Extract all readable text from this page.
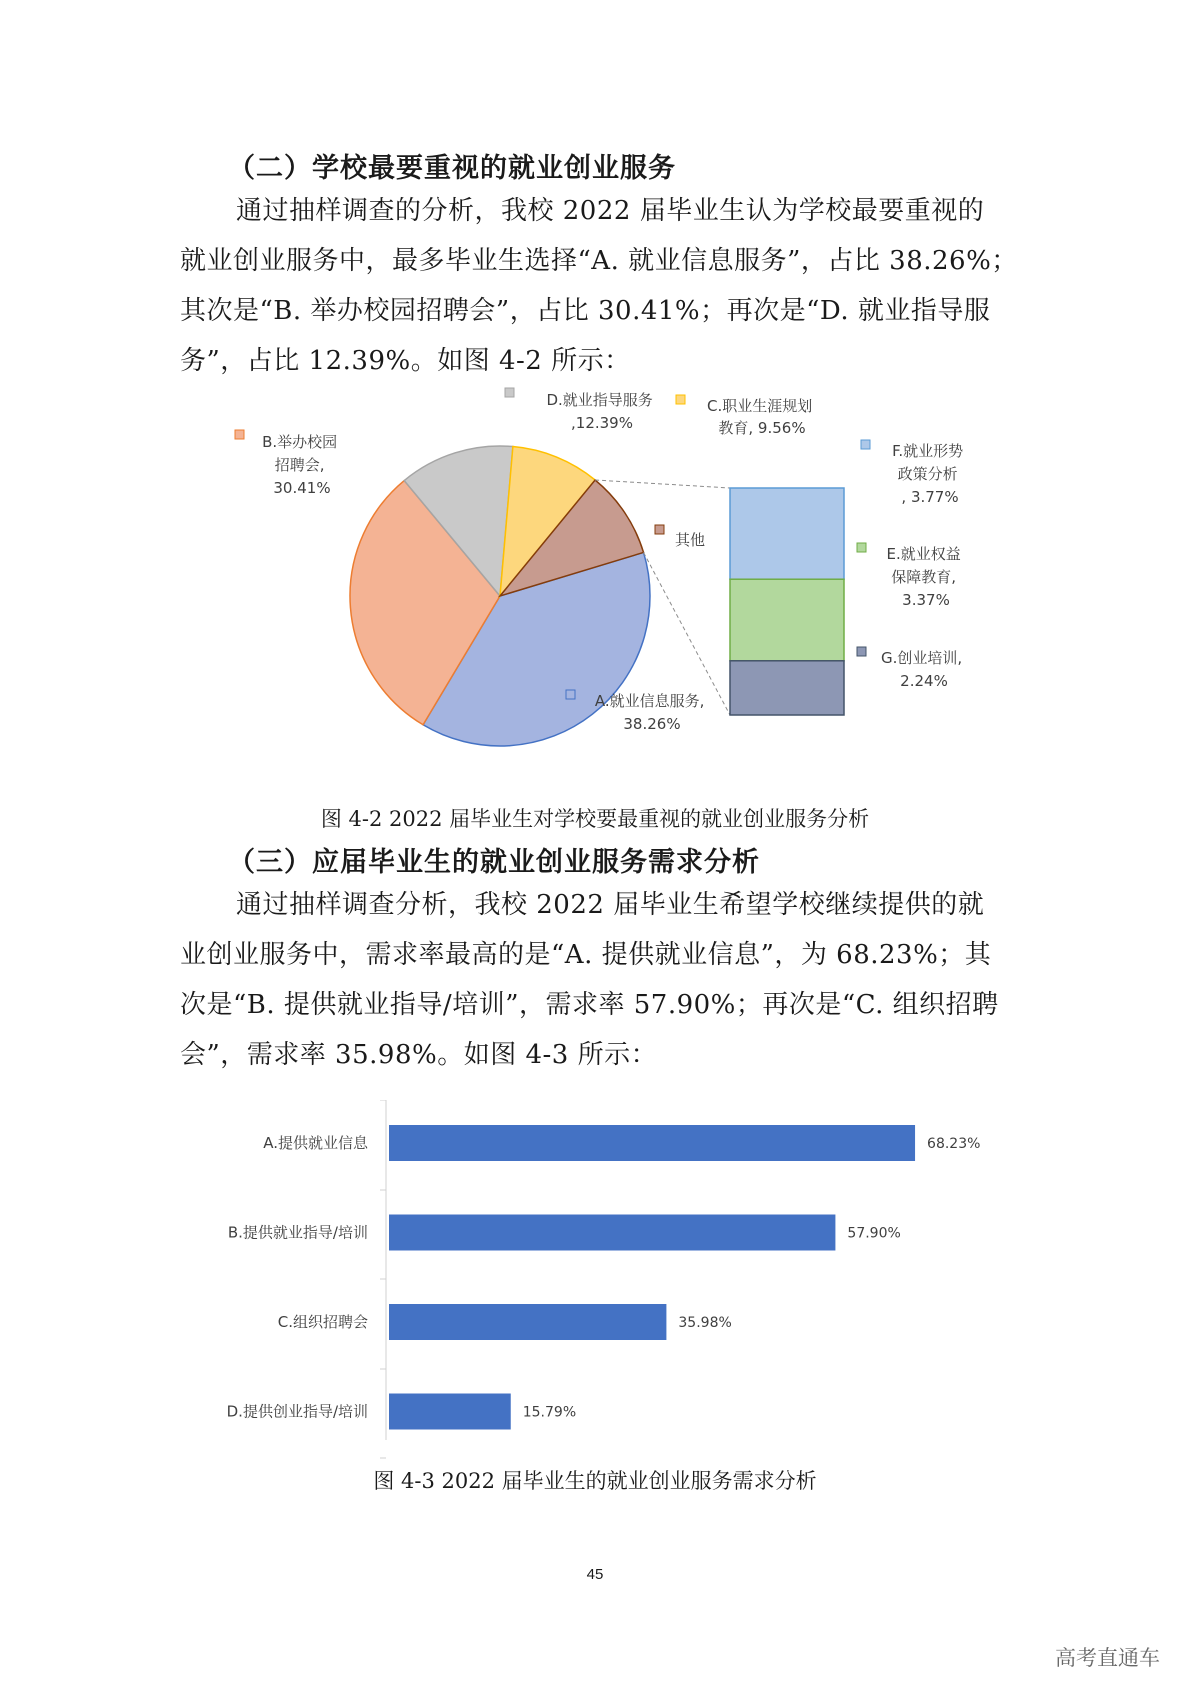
（二）学校最要重视的就业创业服务
通过抽样调查的分析，我校 2022 届毕业生认为学校最要重视的
就业创业服务中，最多毕业生选择“A. 就业信息服务”，占比 38.26%；
其次是“B. 举办校园招聘会”，占比 30.41%；再次是“D. 就业指导服
务”，占比 12.39%。如图 4-2 所示：
B.举办校园 招聘会, 30.41%
D.就业指导服务 ,12.39%
C.职业生涯规划 教育, 9.56%
其他
A.就业信息服务, 38.26%
F.就业形势 政策分析 , 3.77%
E.就业权益 保障教育, 3.37%
G.创业培训, 2.24%
图 4-2 2022 届毕业生对学校要最重视的就业创业服务分析
（三）应届毕业生的就业创业服务需求分析
通过抽样调查分析，我校 2022 届毕业生希望学校继续提供的就
业创业服务中，需求率最高的是“A. 提供就业信息”，为 68.23%；其
次是“B. 提供就业指导/培训”，需求率 57.90%；再次是“C. 组织招聘
会”，需求率 35.98%。如图 4-3 所示：
A.提供就业信息	68.23%
B.提供就业指导/培训	57.90%
C.组织招聘会	35.98%
D.提供创业指导/培训	15.79%
图 4-3 2022 届毕业生的就业创业服务需求分析
45
高考直通车
